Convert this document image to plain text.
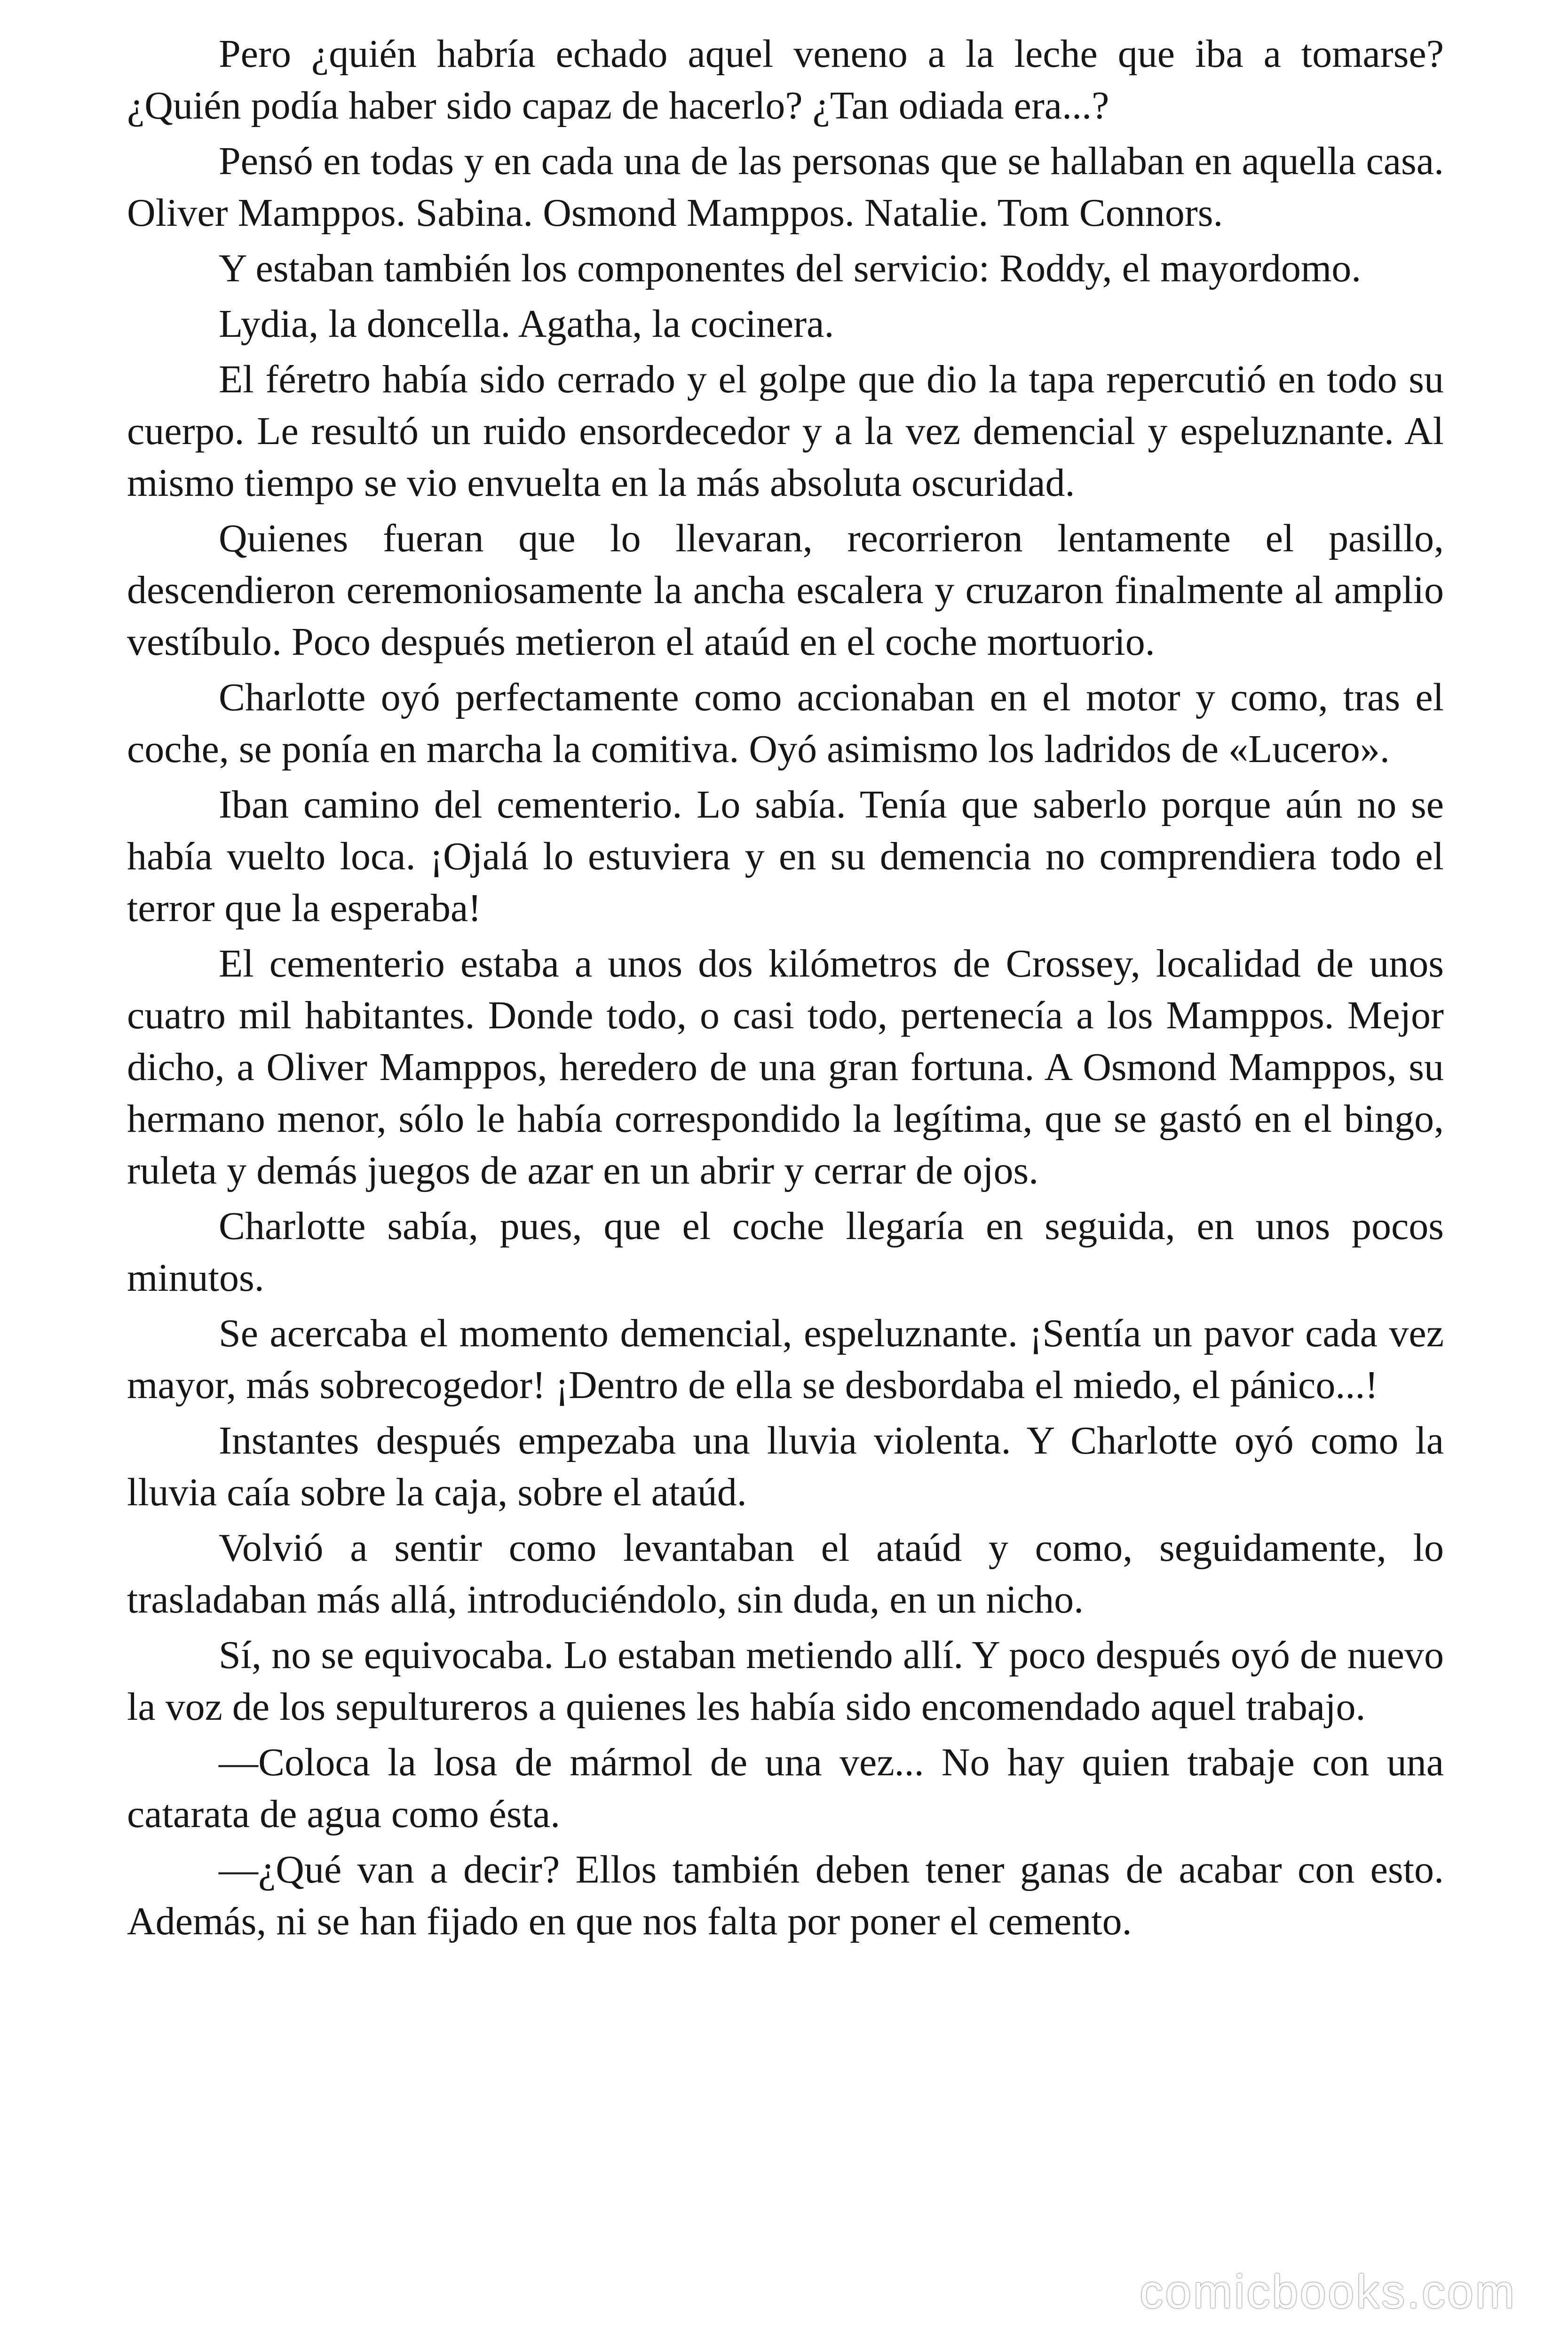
Pero ¿quién habría echado aquel veneno a la leche que iba a tomarse? ¿Quién podía haber sido capaz de hacerlo? ¿Tan odiada era...?

Pensó en todas y en cada una de las personas que se hallaban en aquella casa. Oliver Mamppos. Sabina. Osmond Mamppos. Natalie. Tom Connors.

Y estaban también los componentes del servicio: Roddy, el mayordomo.

Lydia, la doncella. Agatha, la cocinera.

El féretro había sido cerrado y el golpe que dio la tapa repercutió en todo su cuerpo. Le resultó un ruido ensordecedor y a la vez demencial y espeluznante. Al mismo tiempo se vio envuelta en la más absoluta oscuridad.

Quienes fueran que lo llevaran, recorrieron lentamente el pasillo, descendieron ceremoniosamente la ancha escalera y cruzaron finalmente al amplio vestíbulo. Poco después metieron el ataúd en el coche mortuorio.

Charlotte oyó perfectamente como accionaban en el motor y como, tras el coche, se ponía en marcha la comitiva. Oyó asimismo los ladridos de «Lucero».

Iban camino del cementerio. Lo sabía. Tenía que saberlo porque aún no se había vuelto loca. ¡Ojalá lo estuviera y en su demencia no comprendiera todo el terror que la esperaba!

El cementerio estaba a unos dos kilómetros de Crossey, localidad de unos cuatro mil habitantes. Donde todo, o casi todo, pertenecía a los Mamppos. Mejor dicho, a Oliver Mamppos, heredero de una gran fortuna. A Osmond Mamppos, su hermano menor, sólo le había correspondido la legítima, que se gastó en el bingo, ruleta y demás juegos de azar en un abrir y cerrar de ojos.

Charlotte sabía, pues, que el coche llegaría en seguida, en unos pocos minutos.

Se acercaba el momento demencial, espeluznante. ¡Sentía un pavor cada vez mayor, más sobrecogedor! ¡Dentro de ella se desbordaba el miedo, el pánico...!

Instantes después empezaba una lluvia violenta. Y Charlotte oyó como la lluvia caía sobre la caja, sobre el ataúd.

Volvió a sentir como levantaban el ataúd y como, seguidamente, lo trasladaban más allá, introduciéndolo, sin duda, en un nicho.

Sí, no se equivocaba. Lo estaban metiendo allí. Y poco después oyó de nuevo la voz de los sepultureros a quienes les había sido encomendado aquel trabajo.

—Coloca la losa de mármol de una vez... No hay quien trabaje con una catarata de agua como ésta.

—¿Qué van a decir? Ellos también deben tener ganas de acabar con esto. Además, ni se han fijado en que nos falta por poner el cemento.

comicbooks.com
